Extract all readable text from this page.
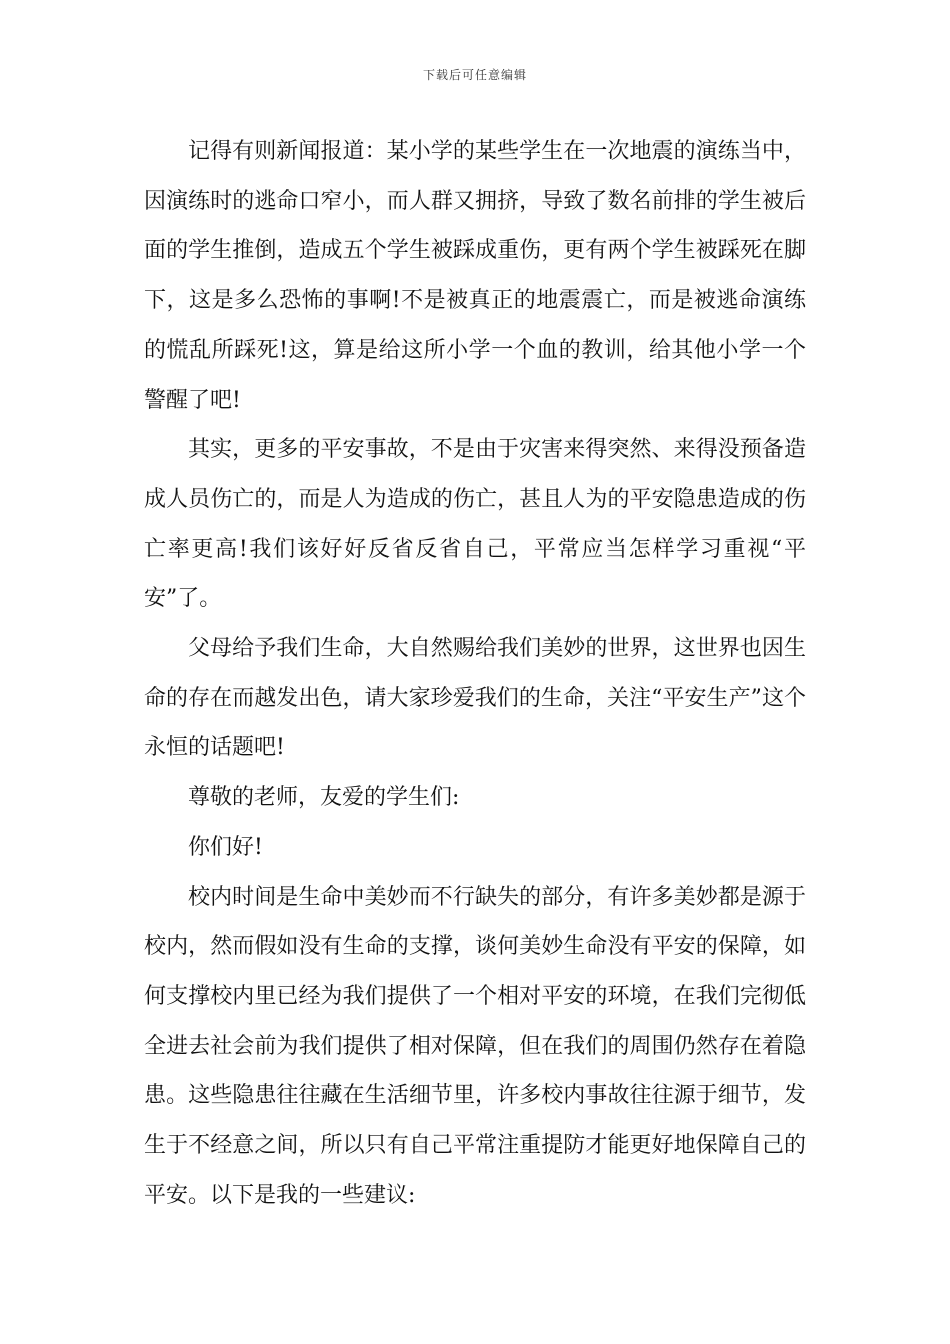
下载后可任意编辑

记得有则新闻报道：某小学的某些学生在一次地震的演练当中，因演练时的逃命口窄小，而人群又拥挤，导致了数名前排的学生被后面的学生推倒，造成五个学生被踩成重伤，更有两个学生被踩死在脚下，这是多么恐怖的事啊!不是被真正的地震震亡，而是被逃命演练的慌乱所踩死!这，算是给这所小学一个血的教训，给其他小学一个警醒了吧!

其实，更多的平安事故，不是由于灾害来得突然、来得没预备造成人员伤亡的，而是人为造成的伤亡，甚且人为的平安隐患造成的伤亡率更高!我们该好好反省反省自己，平常应当怎样学习重视“平安”了。

父母给予我们生命，大自然赐给我们美妙的世界，这世界也因生命的存在而越发出色，请大家珍爱我们的生命，关注“平安生产”这个永恒的话题吧!

尊敬的老师，友爱的学生们:

你们好!

校内时间是生命中美妙而不行缺失的部分，有许多美妙都是源于校内，然而假如没有生命的支撑，谈何美妙生命没有平安的保障，如何支撑校内里已经为我们提供了一个相对平安的环境，在我们完彻低全进去社会前为我们提供了相对保障，但在我们的周围仍然存在着隐患。这些隐患往往藏在生活细节里，许多校内事故往往源于细节，发生于不经意之间，所以只有自己平常注重提防才能更好地保障自己的平安。以下是我的一些建议:
